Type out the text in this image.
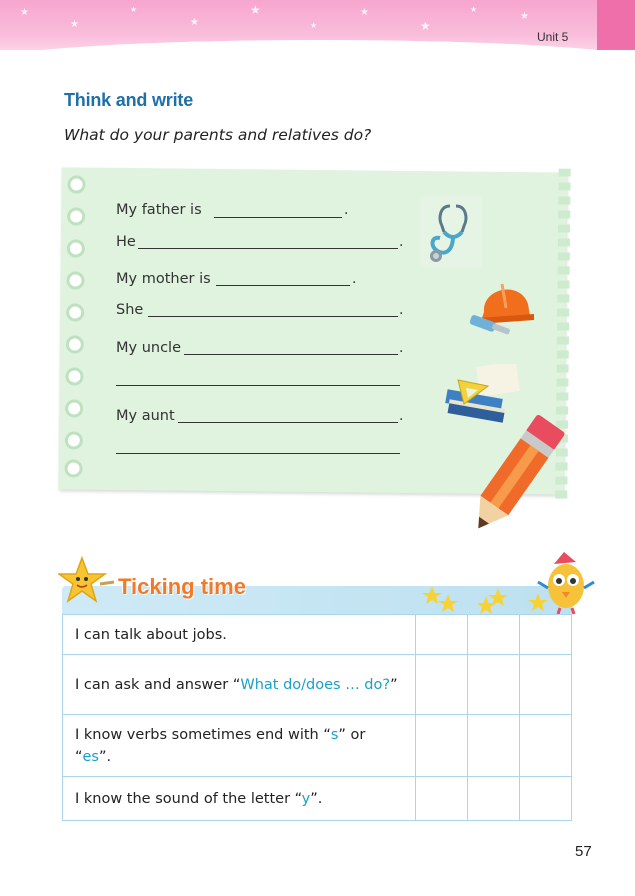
★
★
★
★
★
★
★
★
★
★
Unit 5
Think and write
What do your parents and relatives do?
My father is	.
He	.
My mother is	.
She	.
My uncle	.
My aunt	.
Ticking time
I can talk about jobs.			
I can ask and answer “What do/does … do?”			
I know verbs sometimes end with “s” or “es”.			
I know the sound of the letter “y”.			
57
